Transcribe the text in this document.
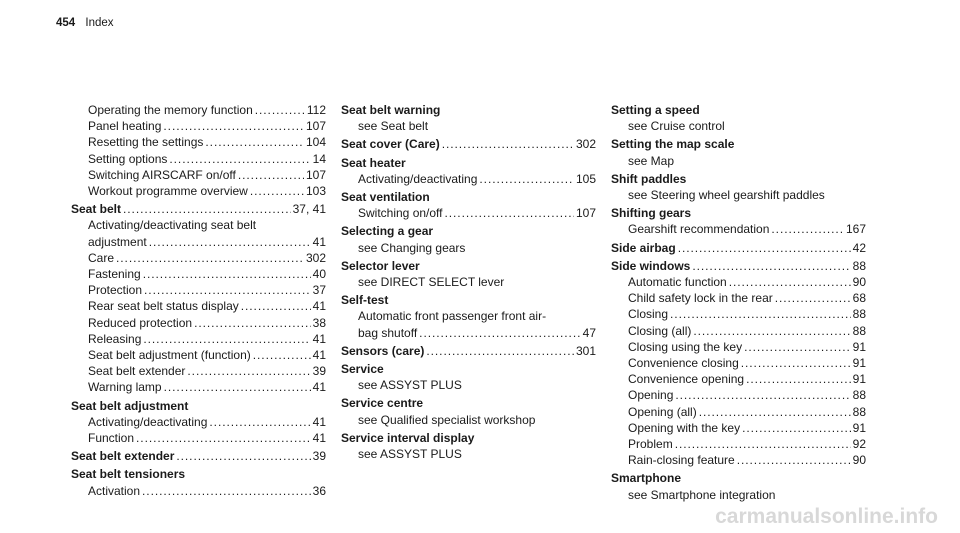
454 Index
Operating the memory function . . .	112
Panel heating . . .	107
Resetting the settings . . .	104
Setting options . . .	14
Switching AIRSCARF on/off . . .	107
Workout programme overview . . .	103
Seat belt . . .	37, 41
Activating/deactivating seat belt
adjustment . . .	41
Care . . .	302
Fastening . . .	40
Protection . . .	37
Rear seat belt status display . . .	41
Reduced protection . . .	38
Releasing . . .	41
Seat belt adjustment (function) . . .	41
Seat belt extender . . .	39
Warning lamp . . .	41
Seat belt adjustment
Activating/deactivating . . .	41
Function . . .	41
Seat belt extender . . .	39
Seat belt tensioners
Activation . . .	36
Seat belt warning
see Seat belt
Seat cover (Care) . . .	302
Seat heater
Activating/deactivating . . .	105
Seat ventilation
Switching on/off . . .	107
Selecting a gear
see Changing gears
Selector lever
see DIRECT SELECT lever
Self-test
Automatic front passenger front air-
bag shutoff . . .	47
Sensors (care) . . .	301
Service
see ASSYST PLUS
Service centre
see Qualified specialist workshop
Service interval display
see ASSYST PLUS
Setting a speed
see Cruise control
Setting the map scale
see Map
Shift paddles
see Steering wheel gearshift paddles
Shifting gears
Gearshift recommendation . . .	167
Side airbag . . .	42
Side windows . . .	88
Automatic function . . .	90
Child safety lock in the rear . . .	68
Closing . . .	88
Closing (all) . . .	88
Closing using the key . . .	91
Convenience closing . . .	91
Convenience opening . . .	91
Opening . . .	88
Opening (all) . . .	88
Opening with the key . . .	91
Problem . . .	92
Rain-closing feature . . .	90
Smartphone
see Smartphone integration
carmanualsonline.info
